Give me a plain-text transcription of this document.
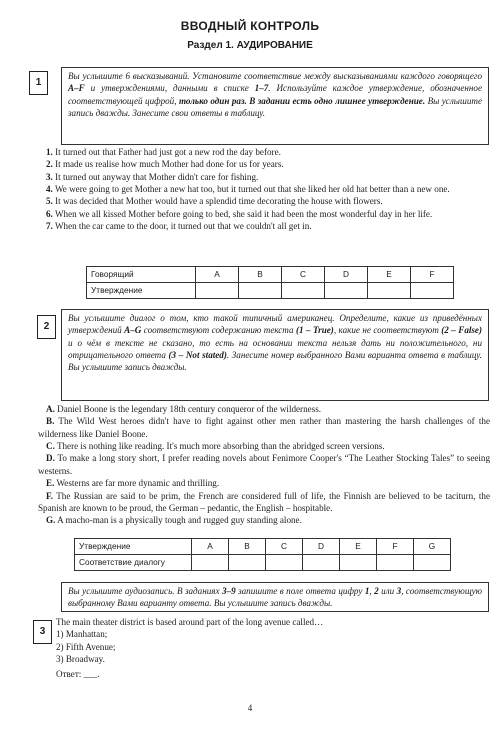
ВВОДНЫЙ КОНТРОЛЬ
Раздел 1. АУДИРОВАНИЕ
1
Вы услышите 6 высказываний. Установите соответствие между высказываниями каждого говорящего A–F и утверждениями, данными в списке 1–7. Используйте каждое утверждение, обозначенное соответствующей цифрой, только один раз. В задании есть одно лишнее утверждение. Вы услышите запись дважды. Занесите свои ответы в таблицу.

1. It turned out that Father had just got a new rod the day before.

2. It made us realise how much Mother had done for us for years.

3. It turned out anyway that Mother didn't care for fishing.

4. We were going to get Mother a new hat too, but it turned out that she liked her old hat better than a new one.

5. It was decided that Mother would have a splendid time decorating the house with flowers.

6. When we all kissed Mother before going to bed, she said it had been the most wonderful day in her life.

7. When the car came to the door, it turned out that we couldn't all get in.

Говорящий	A	B	C	D	E	F
Утверждение						
2
Вы услышите диалог о том, кто такой типичный американец. Определите, какие из приведённых утверждений A–G соответствуют содержанию текста (1 – True), какие не соответствуют (2 – False) и о чём в тексте не сказано, то есть на основании текста нельзя дать ни положительного, ни отрицательного ответа (3 – Not stated). Занесите номер выбранного Вами варианта ответа в таблицу. Вы услышите запись дважды.

A. Daniel Boone is the legendary 18th century conqueror of the wilderness.

B. The Wild West heroes didn't have to fight against other men rather than mastering the harsh challenges of the wilderness like Daniel Boone.

C. There is nothing like reading. It's much more absorbing than the abridged screen versions.

D. To make a long story short, I prefer reading novels about Fenimore Cooper's “The Leather Stocking Tales” to seeing westerns.

E. Westerns are far more dynamic and thrilling.

F. The Russian are said to be prim, the French are considered full of life, the Finnish are believed to be taciturn, the Spanish are known to be proud, the German – pedantic, the English – hospitable.

G. A macho-man is a physically tough and rugged guy standing alone.

Утверждение	A	B	C	D	E	F	G
Соответствие диалогу							
Вы услышите аудиозапись. В заданиях 3–9 запишите в поле ответа цифру 1, 2 или 3, соответствующую выбранному Вами варианту ответа. Вы услышите запись дважды.
3

The main theater district is based around part of the long avenue called…

1) Manhattan;

2) Fifth Avenue;

3) Broadway.

Ответ: ___.

4
